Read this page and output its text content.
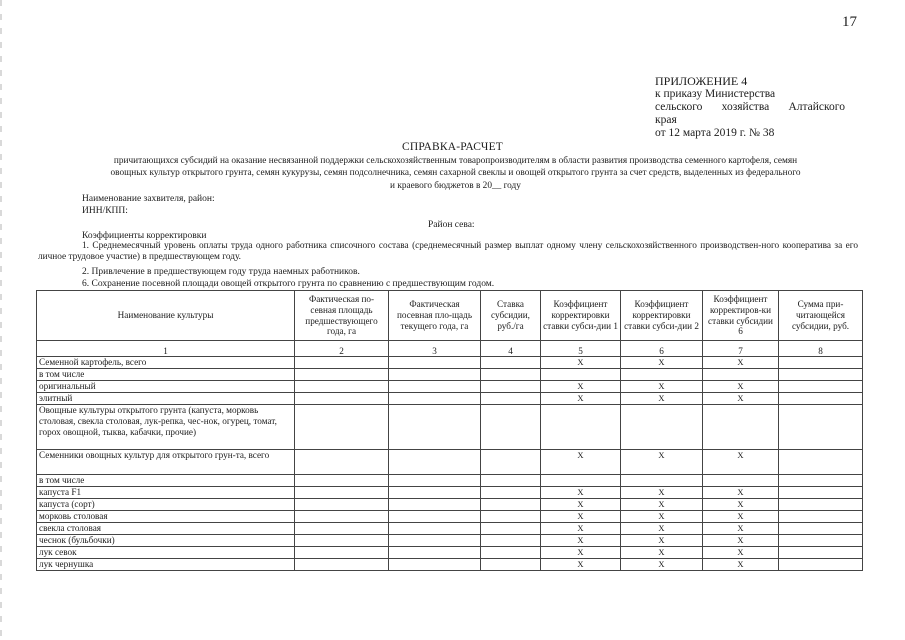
17
ПРИЛОЖЕНИЕ 4
к приказу Министерства
сельского хозяйства Алтайского
края
от 12 марта 2019 г. № 38
СПРАВКА-РАСЧЕТ
причитающихся субсидий на оказание несвязанной поддержки сельскохозяйственным товаропроизводителям в области развития производства семенного картофеля, семян
овощных культур открытого грунта, семян кукурузы, семян подсолнечника, семян сахарной свеклы и овощей открытого грунта за счет средств, выделенных из федерального
и краевого бюджетов в 20__ году
Наименование захвителя, район:
ИНН/КПП:
Район сева:
Коэффициенты корректировки
1. Среднемесячный уровень оплаты труда одного работника списочного состава (среднемесячный размер выплат одному члену сельскохозяйственного производствен-ного кооператива за его личное трудовое участие) в предшествующем году.
2. Привлечение в предшествующем году труда наемных работников.
6. Сохранение посевной площади овощей открытого грунта по сравнению с предшествующим годом.
Наименование культуры	Фактическая по-севная площадь предшествующего года, га	Фактическая посевная пло-щадь текущего года, га	Ставка субсидии, руб./га	Коэффициент корректировки ставки субси-дии 1	Коэффициент корректировки ставки субси-дии 2	Коэффициент корректиров-ки ставки субсидии 6	Сумма при-читающейся субсидии, руб.
1	2	3	4	5	6	7	8
Семенной картофель, всего				X	X	X	
в том числе							
оригинальный				X	X	X	
элитный				X	X	X	
Овощные культуры открытого грунта (капуста, морковь столовая, свекла столовая, лук-репка, чес-нок, огурец, томат, горох овощной, тыква, кабачки, прочие)							
Семенники овощных культур для открытого грун-та, всего				X	X	X	
в том числе							
капуста F1				X	X	X	
капуста (сорт)				X	X	X	
морковь столовая				X	X	X	
свекла столовая				X	X	X	
чеснок (бульбочки)				X	X	X	
лук севок				X	X	X	
лук чернушка				X	X	X	
